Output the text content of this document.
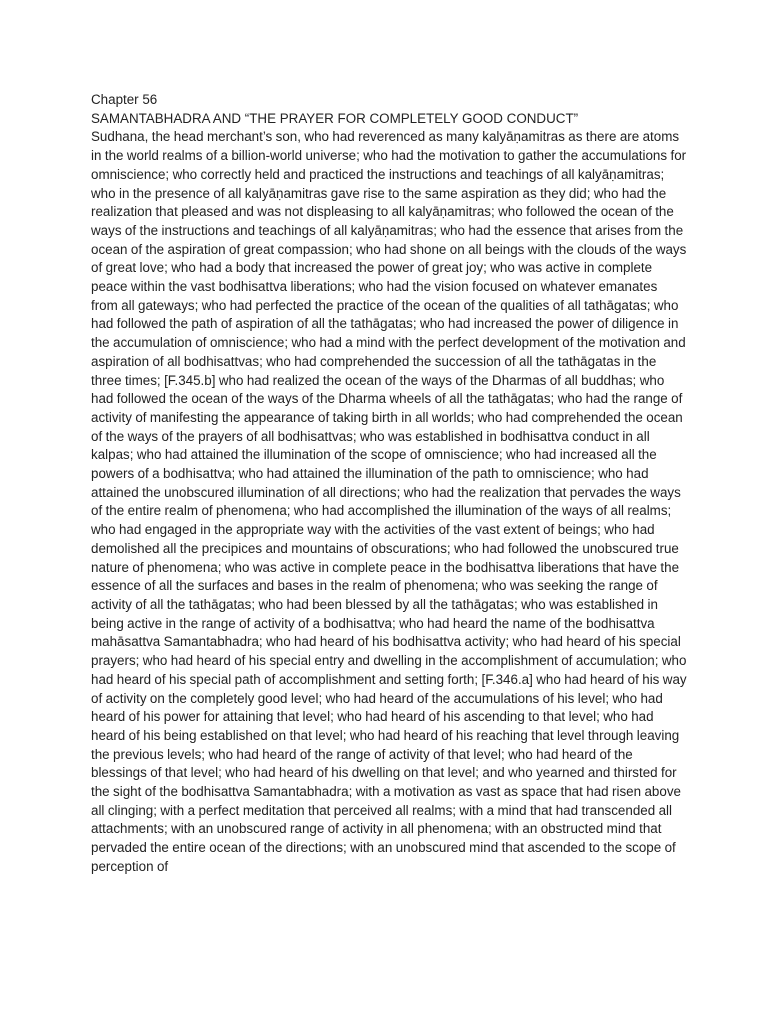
Chapter 56

SAMANTABHADRA AND “THE PRAYER FOR COMPLETELY GOOD CONDUCT”

Sudhana, the head merchant’s son, who had reverenced as many kalyāṇamitras as there are atoms in the world realms of a billion-world universe; who had the motivation to gather the accumulations for omniscience; who correctly held and practiced the instructions and teachings of all kalyāṇamitras; who in the presence of all kalyāṇamitras gave rise to the same aspiration as they did; who had the realization that pleased and was not displeasing to all kalyāṇamitras; who followed the ocean of the ways of the instructions and teachings of all kalyāṇamitras; who had the essence that arises from the ocean of the aspiration of great compassion; who had shone on all beings with the clouds of the ways of great love; who had a body that increased the power of great joy; who was active in complete peace within the vast bodhisattva liberations; who had the vision focused on whatever emanates from all gateways; who had perfected the practice of the ocean of the qualities of all tathāgatas; who had followed the path of aspiration of all the tathāgatas; who had increased the power of diligence in the accumulation of omniscience; who had a mind with the perfect development of the motivation and aspiration of all bodhisattvas; who had comprehended the succession of all the tathāgatas in the three times; [F.345.b] who had realized the ocean of the ways of the Dharmas of all buddhas; who had followed the ocean of the ways of the Dharma wheels of all the tathāgatas; who had the range of activity of manifesting the appearance of taking birth in all worlds; who had comprehended the ocean of the ways of the prayers of all bodhisattvas; who was established in bodhisattva conduct in all kalpas; who had attained the illumination of the scope of omniscience; who had increased all the powers of a bodhisattva; who had attained the illumination of the path to omniscience; who had attained the unobscured illumination of all directions; who had the realization that pervades the ways of the entire realm of phenomena; who had accomplished the illumination of the ways of all realms; who had engaged in the appropriate way with the activities of the vast extent of beings; who had demolished all the precipices and mountains of obscurations; who had followed the unobscured true nature of phenomena; who was active in complete peace in the bodhisattva liberations that have the essence of all the surfaces and bases in the realm of phenomena; who was seeking the range of activity of all the tathāgatas; who had been blessed by all the tathāgatas; who was established in being active in the range of activity of a bodhisattva; who had heard the name of the bodhisattva mahāsattva Samantabhadra; who had heard of his bodhisattva activity; who had heard of his special prayers; who had heard of his special entry and dwelling in the accomplishment of accumulation; who had heard of his special path of accomplishment and setting forth; [F.346.a] who had heard of his way of activity on the completely good level; who had heard of the accumulations of his level; who had heard of his power for attaining that level; who had heard of his ascending to that level; who had heard of his being established on that level; who had heard of his reaching that level through leaving the previous levels; who had heard of the range of activity of that level; who had heard of the blessings of that level; who had heard of his dwelling on that level; and who yearned and thirsted for the sight of the bodhisattva Samantabhadra; with a motivation as vast as space that had risen above all clinging; with a perfect meditation that perceived all realms; with a mind that had transcended all attachments; with an unobscured range of activity in all phenomena; with an obstructed mind that pervaded the entire ocean of the directions; with an unobscured mind that ascended to the scope of perception of
